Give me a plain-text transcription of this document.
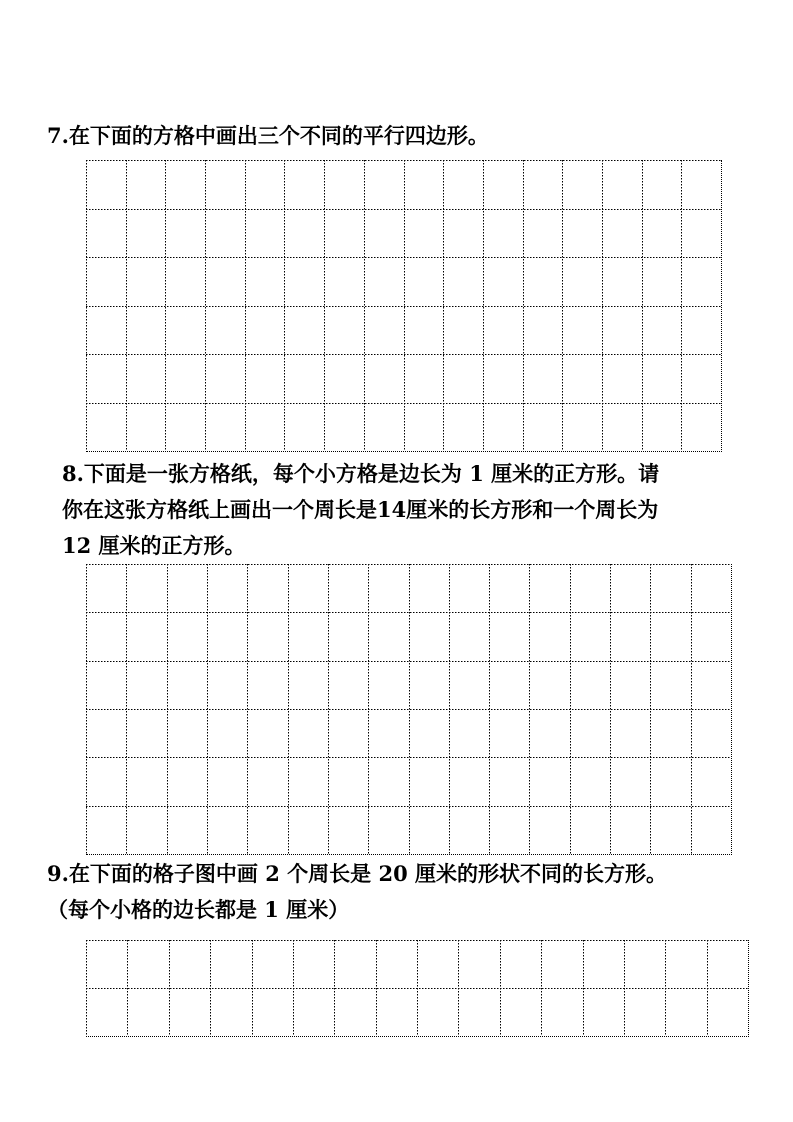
7.在下面的方格中画出三个不同的平行四边形。
8.下面是一张方格纸，每个小方格是边长为 1 厘米的正方形。请
你在这张方格纸上画出一个周长是14厘米的长方形和一个周长为
12 厘米的正方形。
9.在下面的格子图中画 2 个周长是 20 厘米的形状不同的长方形。
（每个小格的边长都是 1 厘米）
